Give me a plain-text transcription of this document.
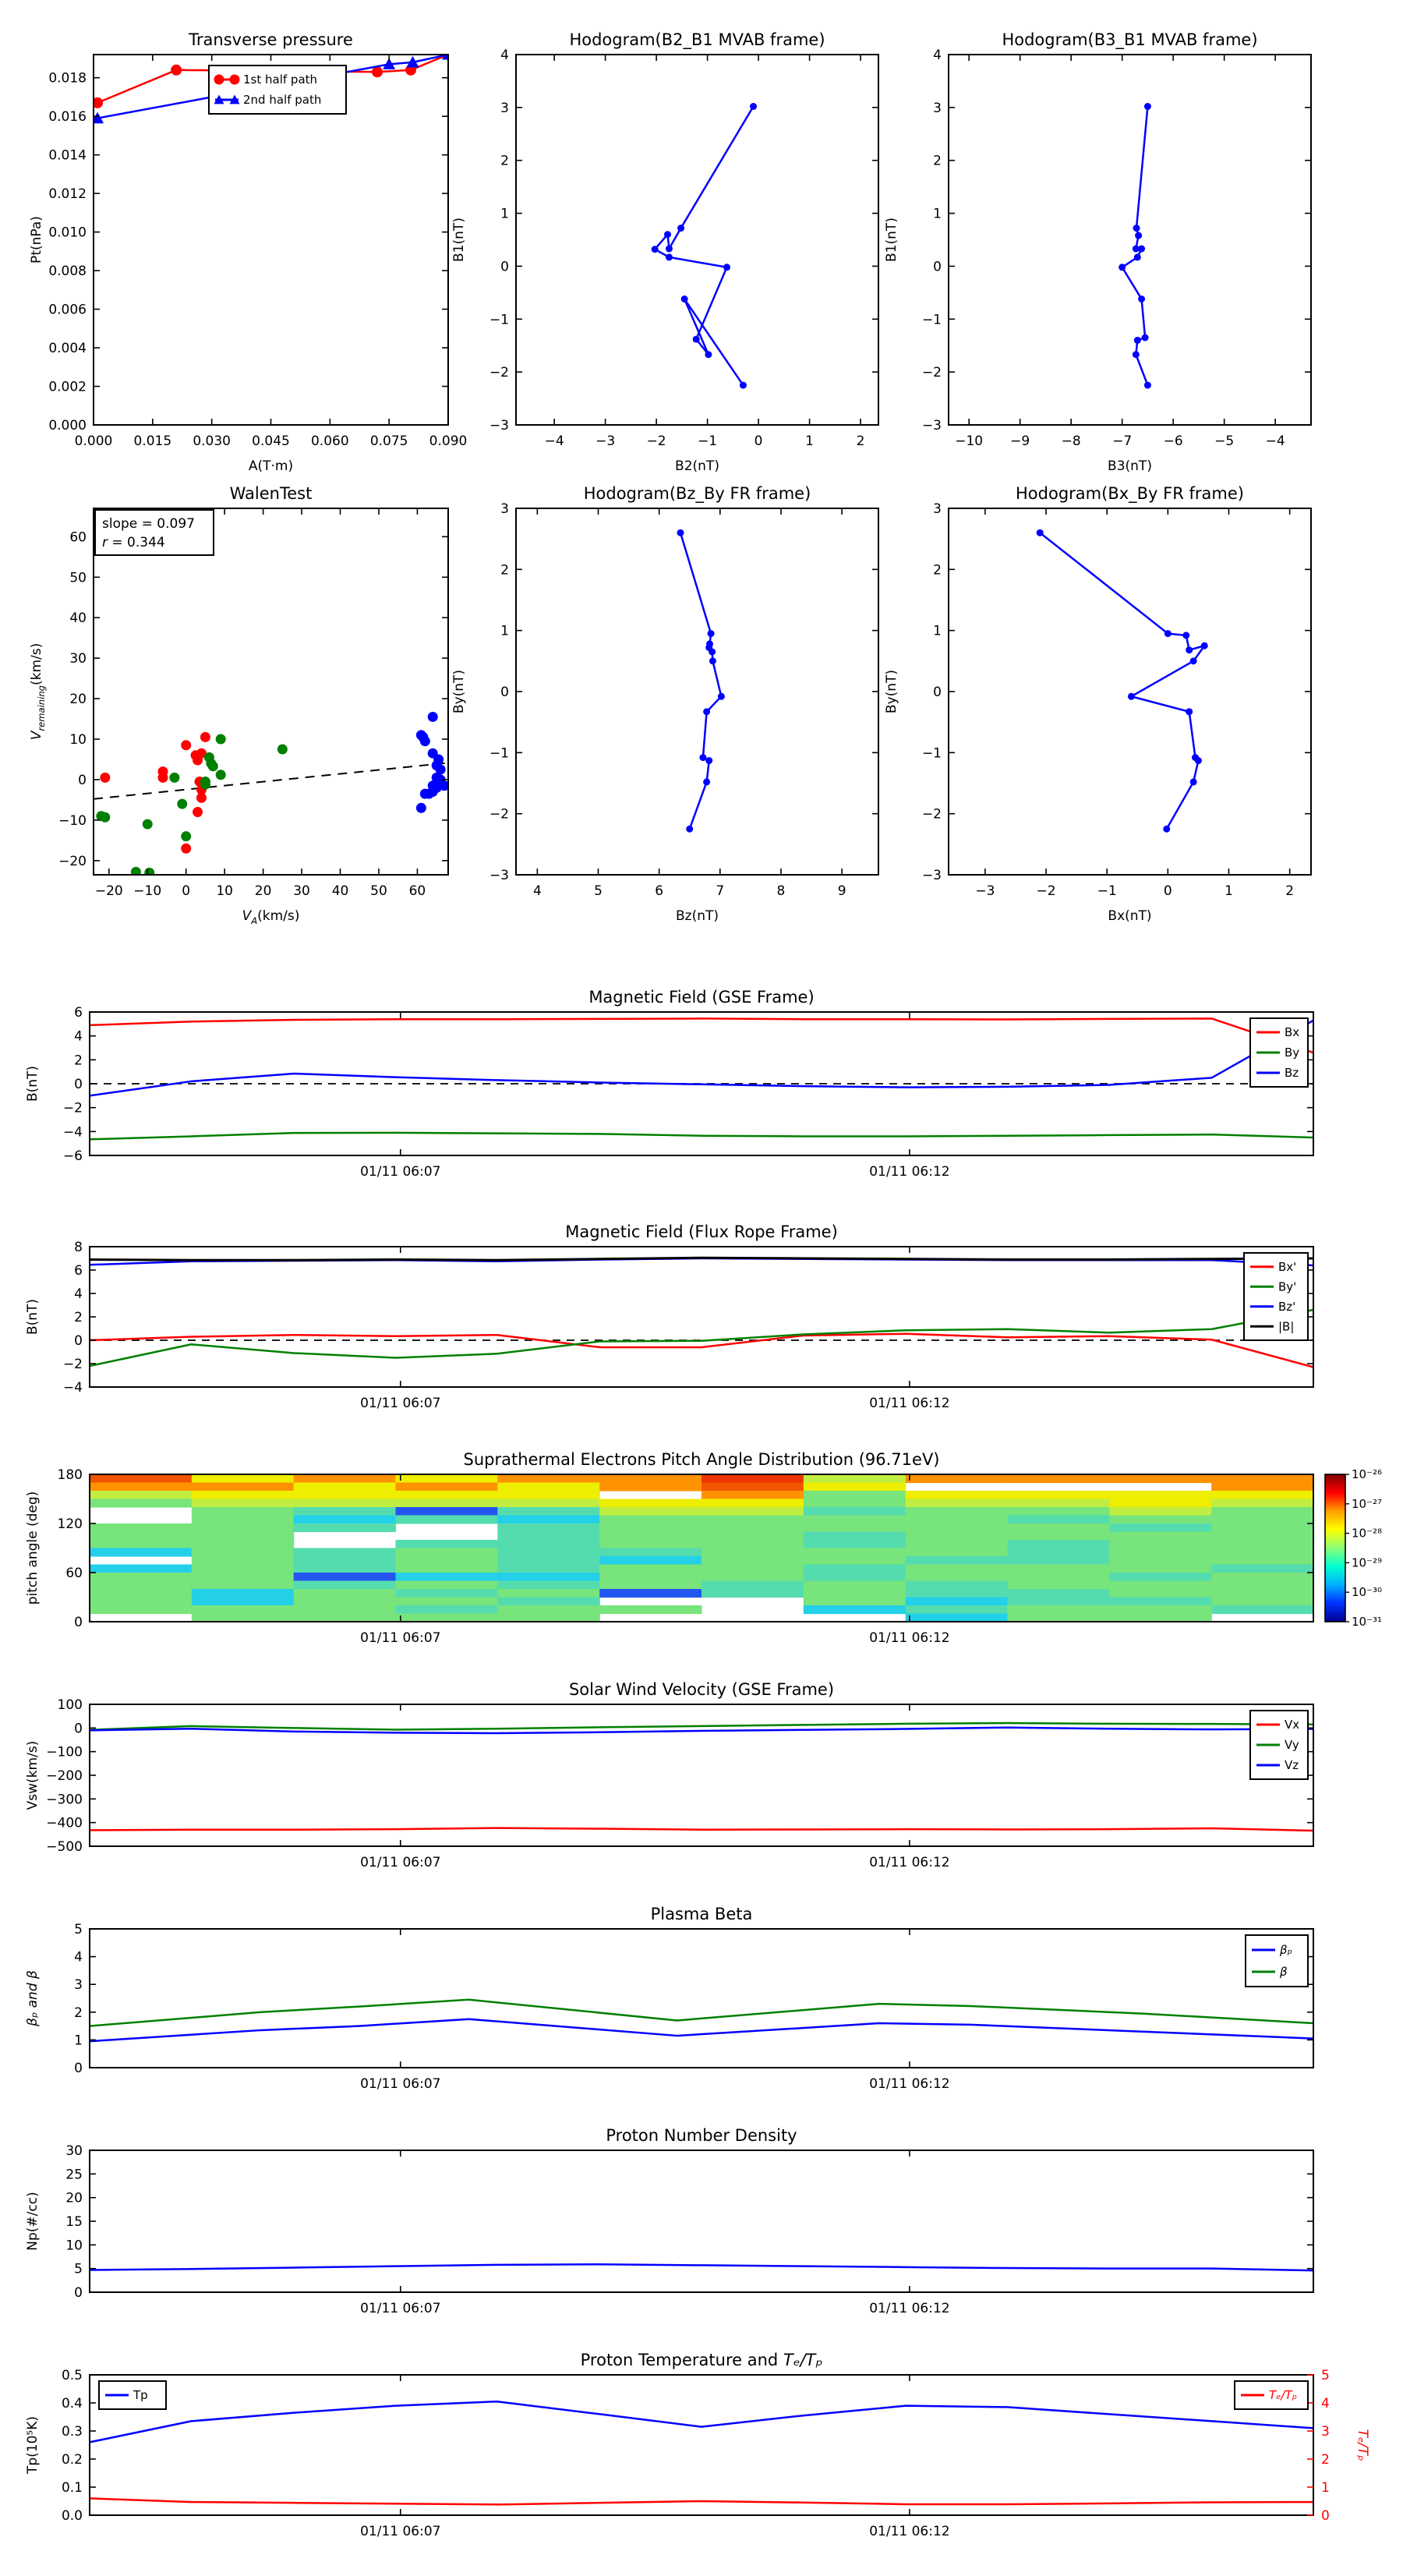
Transverse pressure
0.000 0.015 0.030 0.045 0.060 0.075 0.090
0.000
0.002
0.004
0.006
0.008
0.010
0.012
0.014
0.016
0.018
A(T·m)
Pt(nPa)
1st half path
2nd half path
Hodogram(B2_B1 MVAB frame)
−4 −3 −2 −1	0	1	2
−3
−2
−1
0
1
2
3
4
B2(nT)
B1(nT)
Hodogram(B3_B1 MVAB frame)
−10 −9 −8 −7 −6 −5 −4
−3
−2
−1
0
1
2
3
4
B3(nT)
B1(nT)
WalenTest
−20 −10 0 10 20 30 40 50 60
−20
−10
0
10
20
30
40
50
60
$V_A(km/s)$
$V_{remaining}(km/s)$
slope = 0.097
r = 0.344
Hodogram(Bz_By FR frame)
4	5	6	7	8	9
−3
−2
−1
0
1
2
3
Bz(nT)
By(nT)
Hodogram(Bx_By FR frame)
−3	−2	−1	0	1	2
−3
−2
−1
0
1
2
3
Bx(nT)
By(nT)
Magnetic Field (GSE Frame)
01/11 06:07	01/11 06:12
−6
−4
−2
0
2
4
6
B(nT)
Bx
By
Bz
Magnetic Field (Flux Rope Frame)
01/11 06:07	01/11 06:12
−4
−2
0
2
4
6
8
B(nT)
Bx'
By'
Bz'
|B|
Suprathermal Electrons Pitch Angle Distribution (96.71eV)
01/11 06:07	01/11 06:12
0
60
120
180
pitch angle (deg)
10⁻²⁶
10⁻²⁷
10⁻²⁸
10⁻²⁹
10⁻³⁰
10⁻³¹
Solar Wind Velocity (GSE Frame)
01/11 06:07	01/11 06:12
−500
−400
−300
−200
−100
0
100
Vsw(km/s)
Vx
Vy
Vz
Plasma Beta
01/11 06:07	01/11 06:12
0
1
2
3
4
5
βₚ and β
βₚ
β
Proton Number Density
01/11 06:07	01/11 06:12
0
5
10
15
20
25
30
Np(#/cc)
Proton Temperature and Tₑ/Tₚ
01/11 06:07	01/11 06:12
0.0
0.1
0.2
0.3
0.4
0.5
Tp(10⁵K)
0
1
2
3
4
5
Tₑ/Tₚ
Tp	Tₑ/Tₚ
